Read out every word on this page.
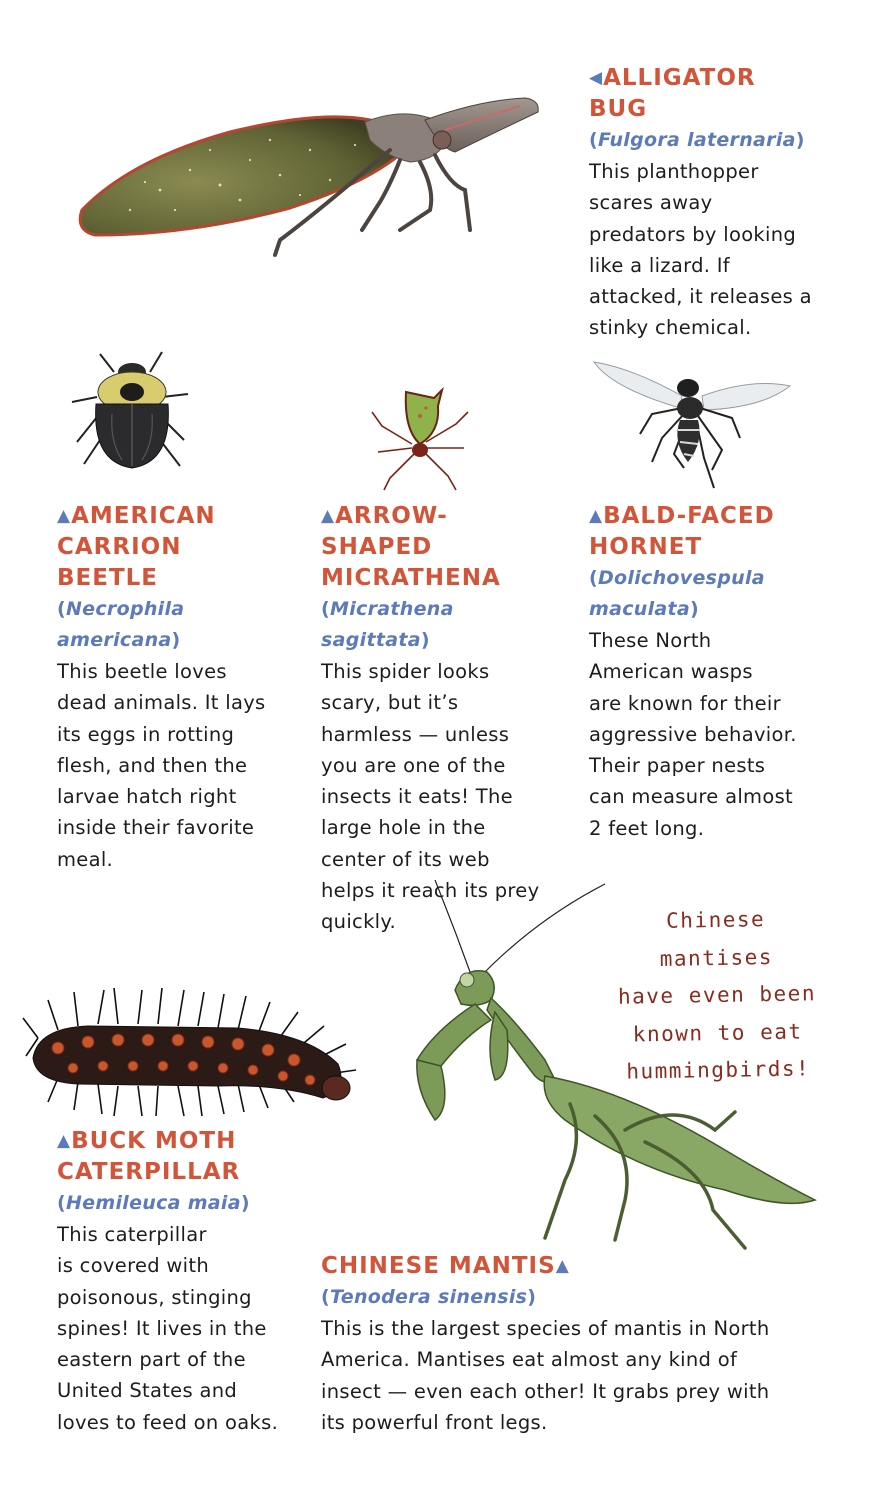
◀ALLIGATOR
BUG
(Fulgora laternaria)
This planthopper
scares away
predators by looking
like a lizard. If
attacked, it releases a
stinky chemical.
▲AMERICAN
CARRION
BEETLE
(Necrophila
americana)
This beetle loves
dead animals. It lays
its eggs in rotting
flesh, and then the
larvae hatch right
inside their favorite
meal.
▲ARROW-
SHAPED
MICRATHENA
(Micrathena
sagittata)
This spider looks
scary, but it’s
harmless — unless
you are one of the
insects it eats! The
large hole in the
center of its web
helps it reach its prey
quickly.
▲BALD-FACED
HORNET
(Dolichovespula
maculata)
These North
American wasps
are known for their
aggressive behavior.
Their paper nests
can measure almost
2 feet long.
Chinese mantises
have even been
known to eat
hummingbirds!
▲BUCK MOTH
CATERPILLAR
(Hemileuca maia)
This caterpillar
is covered with
poisonous, stinging
spines! It lives in the
eastern part of the
United States and
loves to feed on oaks.
CHINESE MANTIS▲
(Tenodera sinensis)
This is the largest species of mantis in North
America. Mantises eat almost any kind of
insect — even each other! It grabs prey with
its powerful front legs.
